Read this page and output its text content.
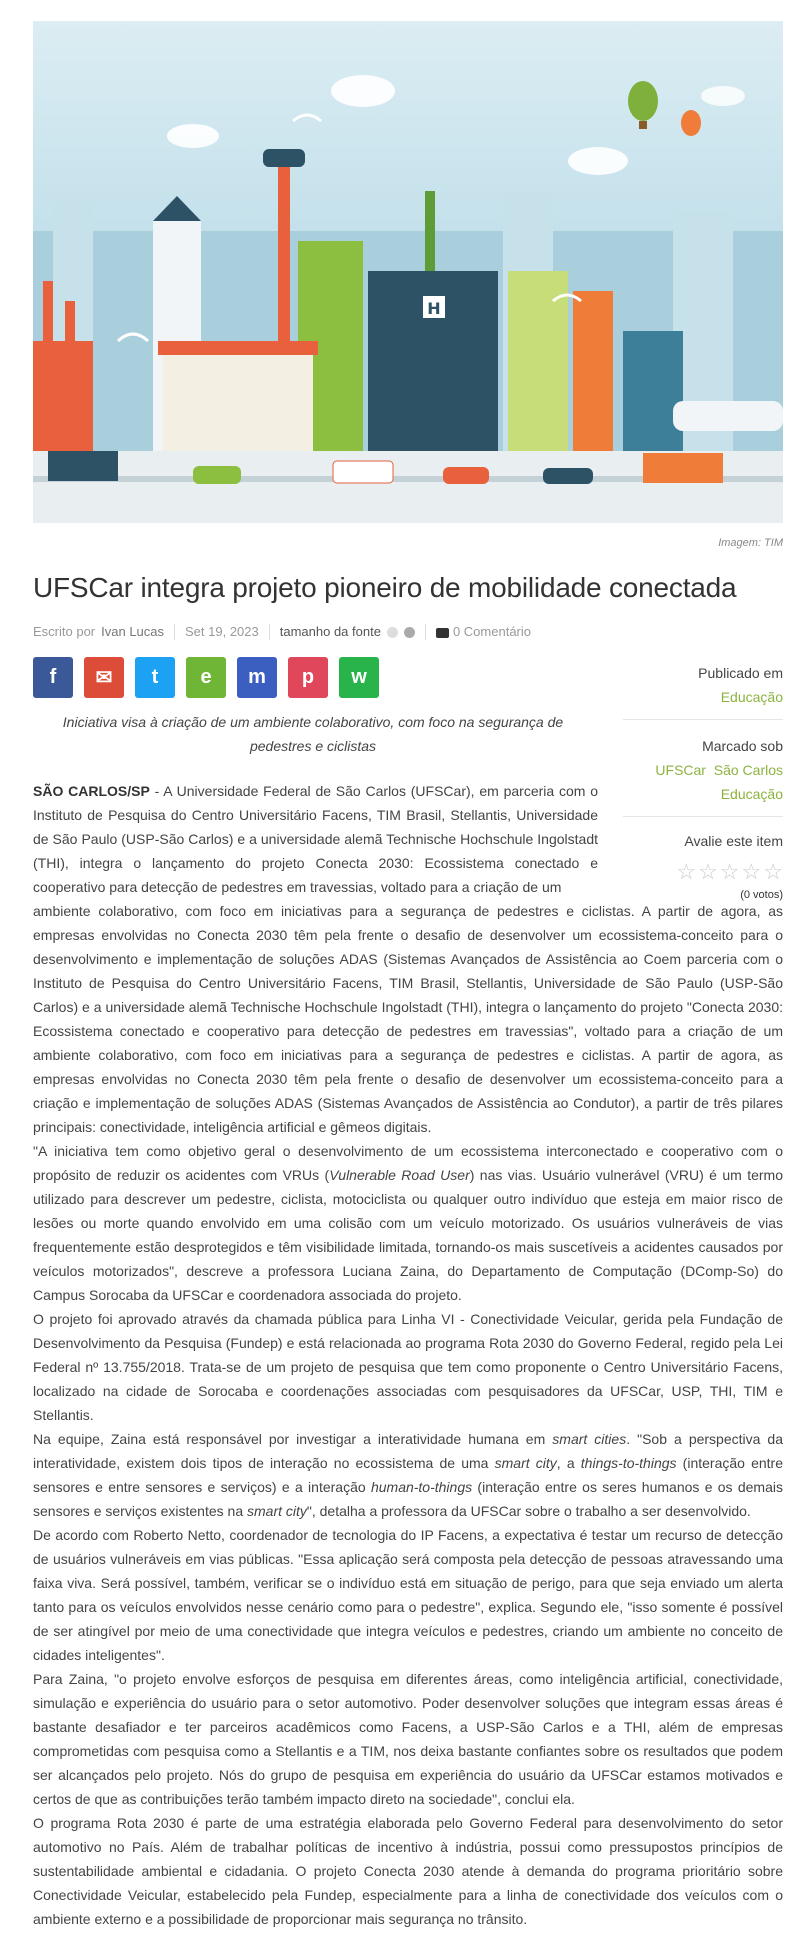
H
Imagem: TIM
UFSCar integra projeto pioneiro de mobilidade conectada
Escrito por Ivan Lucas Set 19, 2023 tamanho da fonte	0 Comentário
Publicado em
Educação
Marcado sob
UFSCar  São Carlos
Educação
Avalie este item
☆ ☆ ☆ ☆ ☆
(0 votos)
f ✉ t e m p w
Iniciativa visa à criação de um ambiente colaborativo, com foco na segurança de pedestres e ciclistas

SÃO CARLOS/SP - A Universidade Federal de São Carlos (UFSCar), em parceria com o Instituto de Pesquisa do Centro Universitário Facens, TIM Brasil, Stellantis, Universidade de São Paulo (USP-São Carlos) e a universidade alemã Technische Hochschule Ingolstadt (THI), integra o lançamento do projeto Conecta 2030: Ecossistema conectado e cooperativo para detecção de pedestres em travessias, voltado para a criação de um

ambiente colaborativo, com foco em iniciativas para a segurança de pedestres e ciclistas. A partir de agora, as empresas envolvidas no Conecta 2030 têm pela frente o desafio de desenvolver um ecossistema-conceito para o desenvolvimento e implementação de soluções ADAS (Sistemas Avançados de Assistência ao Coem parceria com o Instituto de Pesquisa do Centro Universitário Facens, TIM Brasil, Stellantis, Universidade de São Paulo (USP-São Carlos) e a universidade alemã Technische Hochschule Ingolstadt (THI), integra o lançamento do projeto "Conecta 2030: Ecossistema conectado e cooperativo para detecção de pedestres em travessias", voltado para a criação de um ambiente colaborativo, com foco em iniciativas para a segurança de pedestres e ciclistas. A partir de agora, as empresas envolvidas no Conecta 2030 têm pela frente o desafio de desenvolver um ecossistema-conceito para a criação e implementação de soluções ADAS (Sistemas Avançados de Assistência ao Condutor), a partir de três pilares principais: conectividade, inteligência artificial e gêmeos digitais.

"A iniciativa tem como objetivo geral o desenvolvimento de um ecossistema interconectado e cooperativo com o propósito de reduzir os acidentes com VRUs (Vulnerable Road User) nas vias. Usuário vulnerável (VRU) é um termo utilizado para descrever um pedestre, ciclista, motociclista ou qualquer outro indivíduo que esteja em maior risco de lesões ou morte quando envolvido em uma colisão com um veículo motorizado. Os usuários vulneráveis de vias frequentemente estão desprotegidos e têm visibilidade limitada, tornando-os mais suscetíveis a acidentes causados por veículos motorizados", descreve a professora Luciana Zaina, do Departamento de Computação (DComp-So) do Campus Sorocaba da UFSCar e coordenadora associada do projeto.

O projeto foi aprovado através da chamada pública para Linha VI - Conectividade Veicular, gerida pela Fundação de Desenvolvimento da Pesquisa (Fundep) e está relacionada ao programa Rota 2030 do Governo Federal, regido pela Lei Federal nº 13.755/2018. Trata-se de um projeto de pesquisa que tem como proponente o Centro Universitário Facens, localizado na cidade de Sorocaba e coordenações associadas com pesquisadores da UFSCar, USP, THI, TIM e Stellantis.

Na equipe, Zaina está responsável por investigar a interatividade humana em smart cities. "Sob a perspectiva da interatividade, existem dois tipos de interação no ecossistema de uma smart city, a things-to-things (interação entre sensores e entre sensores e serviços) e a interação human-to-things (interação entre os seres humanos e os demais sensores e serviços existentes na smart city", detalha a professora da UFSCar sobre o trabalho a ser desenvolvido.

De acordo com Roberto Netto, coordenador de tecnologia do IP Facens, a expectativa é testar um recurso de detecção de usuários vulneráveis em vias públicas. "Essa aplicação será composta pela detecção de pessoas atravessando uma faixa viva. Será possível, também, verificar se o indivíduo está em situação de perigo, para que seja enviado um alerta tanto para os veículos envolvidos nesse cenário como para o pedestre", explica. Segundo ele, "isso somente é possível de ser atingível por meio de uma conectividade que integra veículos e pedestres, criando um ambiente no conceito de cidades inteligentes".

Para Zaina, "o projeto envolve esforços de pesquisa em diferentes áreas, como inteligência artificial, conectividade, simulação e experiência do usuário para o setor automotivo. Poder desenvolver soluções que integram essas áreas é bastante desafiador e ter parceiros acadêmicos como Facens, a USP-São Carlos e a THI, além de empresas comprometidas com pesquisa como a Stellantis e a TIM, nos deixa bastante confiantes sobre os resultados que podem ser alcançados pelo projeto. Nós do grupo de pesquisa em experiência do usuário da UFSCar estamos motivados e certos de que as contribuições terão também impacto direto na sociedade", conclui ela.

O programa Rota 2030 é parte de uma estratégia elaborada pelo Governo Federal para desenvolvimento do setor automotivo no País. Além de trabalhar políticas de incentivo à indústria, possui como pressupostos princípios de sustentabilidade ambiental e cidadania. O projeto Conecta 2030 atende à demanda do programa prioritário sobre Conectividade Veicular, estabelecido pela Fundep, especialmente para a linha de conectividade dos veículos com o ambiente externo e a possibilidade de proporcionar mais segurança no trânsito.
